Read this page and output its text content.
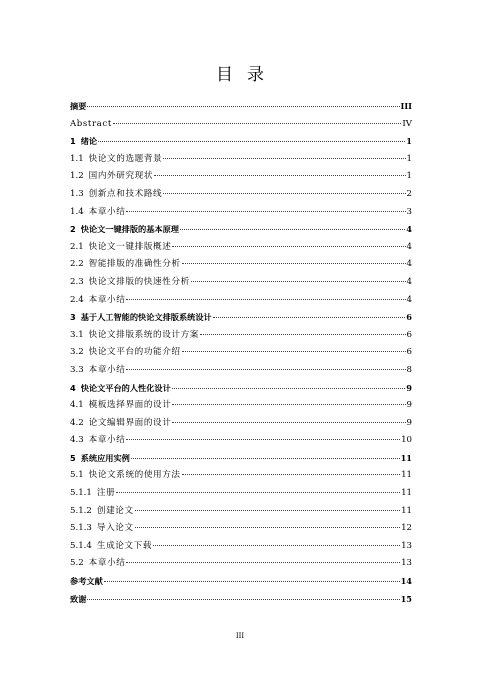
目录
摘要	III
Abstract	IV
1 绪论	1
1.1 快论文的选题背景	1
1.2 国内外研究现状	1
1.3 创新点和技术路线	2
1.4 本章小结	3
2 快论文一键排版的基本原理	4
2.1 快论文一键排版概述	4
2.2 智能排版的准确性分析	4
2.3 快论文排版的快速性分析	4
2.4 本章小结	4
3 基于人工智能的快论文排版系统设计	6
3.1 快论文排版系统的设计方案	6
3.2 快论文平台的功能介绍	6
3.3 本章小结	8
4 快论文平台的人性化设计	9
4.1 模板选择界面的设计	9
4.2 论文编辑界面的设计	9
4.3 本章小结	10
5 系统应用实例	11
5.1 快论文系统的使用方法	11
5.1.1 注册	11
5.1.2 创建论文	11
5.1.3 导入论文	12
5.1.4 生成论文下载	13
5.2 本章小结	13
参考文献	14
致谢	15
III
